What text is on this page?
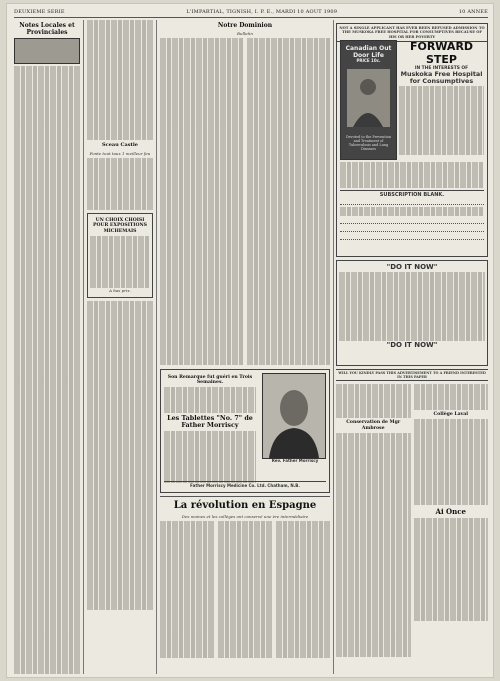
DEUXIEME SERIE	L'IMPARTIAL, TIGNISH, I. P. E., MARDI 10 AOUT 1909	10 ANNEE
Notes Locales et Provinciales
Sceau Castle
Fonte tout taux 1 meilleur feu
UN CHOIX CHOISI POUR EXPOSITIONS MICHEMAIS
A bas prix.
Notre Dominion
Bulletin
Son Remarque fut guéri en Trois Semaines.
Les Tablettes "No. 7" de Father Morriscy
Rev. Father Morriscy
Father Morriscy Medicine Co. Ltd. Chatham, N.B.
La révolution en Espagne
Des moines et les collèges ont conservé une ère intermédiaire
NOT A SINGLE APPLICANT HAS EVER BEEN REFUSED ADMISSION TO THE MUSKOKA FREE HOSPITAL FOR CONSUMPTIVES BECAUSE OF HIS OR HER POVERTY
Canadian Out Door Life
PRICE 10c.
Devoted to the Prevention and Treatment of Tuberculosis and Lung Diseases
FORWARD STEP
IN THE INTERESTS OF
Muskoka Free Hospital for Consumptives
SUBSCRIPTION BLANK.
"DO IT NOW"
"DO IT NOW"
WILL YOU KINDLY PASS THIS ADVERTISEMENT TO A FRIEND INTERESTED IN THIS PAPER
Conservation de Mgr Ambrose
Collège Laval
Ai Once
